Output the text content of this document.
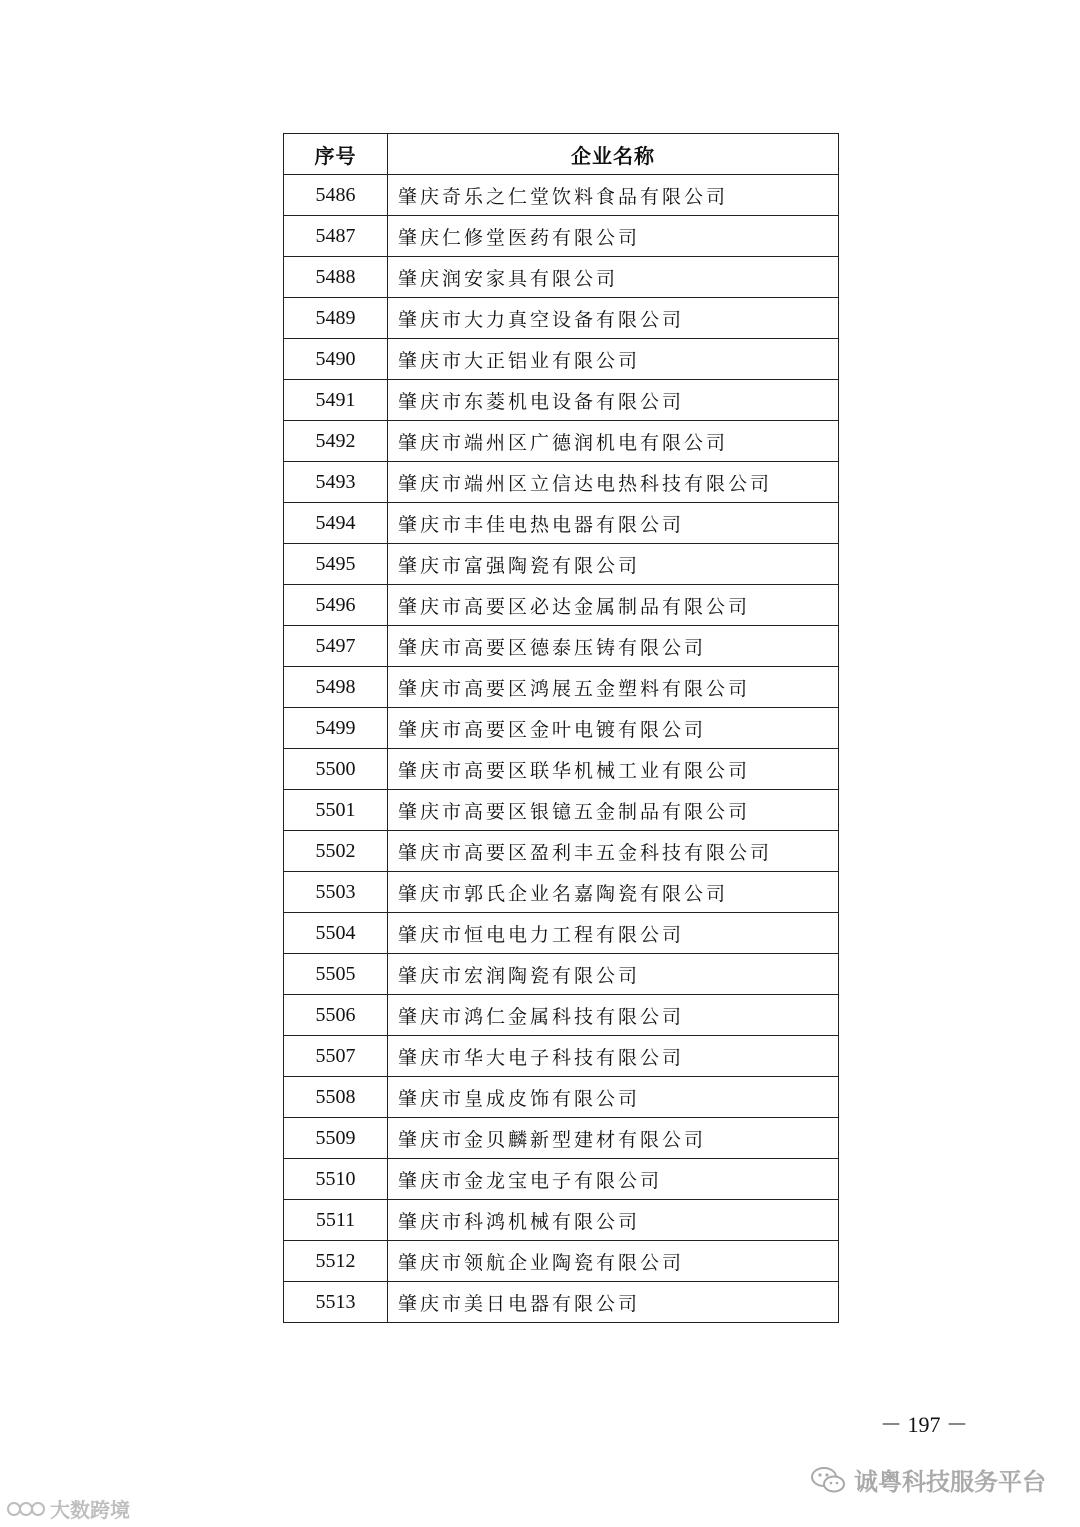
序号	企业名称
5486	肇庆奇乐之仁堂饮料食品有限公司
5487	肇庆仁修堂医药有限公司
5488	肇庆润安家具有限公司
5489	肇庆市大力真空设备有限公司
5490	肇庆市大正铝业有限公司
5491	肇庆市东菱机电设备有限公司
5492	肇庆市端州区广德润机电有限公司
5493	肇庆市端州区立信达电热科技有限公司
5494	肇庆市丰佳电热电器有限公司
5495	肇庆市富强陶瓷有限公司
5496	肇庆市高要区必达金属制品有限公司
5497	肇庆市高要区德泰压铸有限公司
5498	肇庆市高要区鸿展五金塑料有限公司
5499	肇庆市高要区金叶电镀有限公司
5500	肇庆市高要区联华机械工业有限公司
5501	肇庆市高要区银镱五金制品有限公司
5502	肇庆市高要区盈利丰五金科技有限公司
5503	肇庆市郭氏企业名嘉陶瓷有限公司
5504	肇庆市恒电电力工程有限公司
5505	肇庆市宏润陶瓷有限公司
5506	肇庆市鸿仁金属科技有限公司
5507	肇庆市华大电子科技有限公司
5508	肇庆市皇成皮饰有限公司
5509	肇庆市金贝麟新型建材有限公司
5510	肇庆市金龙宝电子有限公司
5511	肇庆市科鸿机械有限公司
5512	肇庆市领航企业陶瓷有限公司
5513	肇庆市美日电器有限公司
－ 197 －
大数跨境
诚粤科技服务平台
